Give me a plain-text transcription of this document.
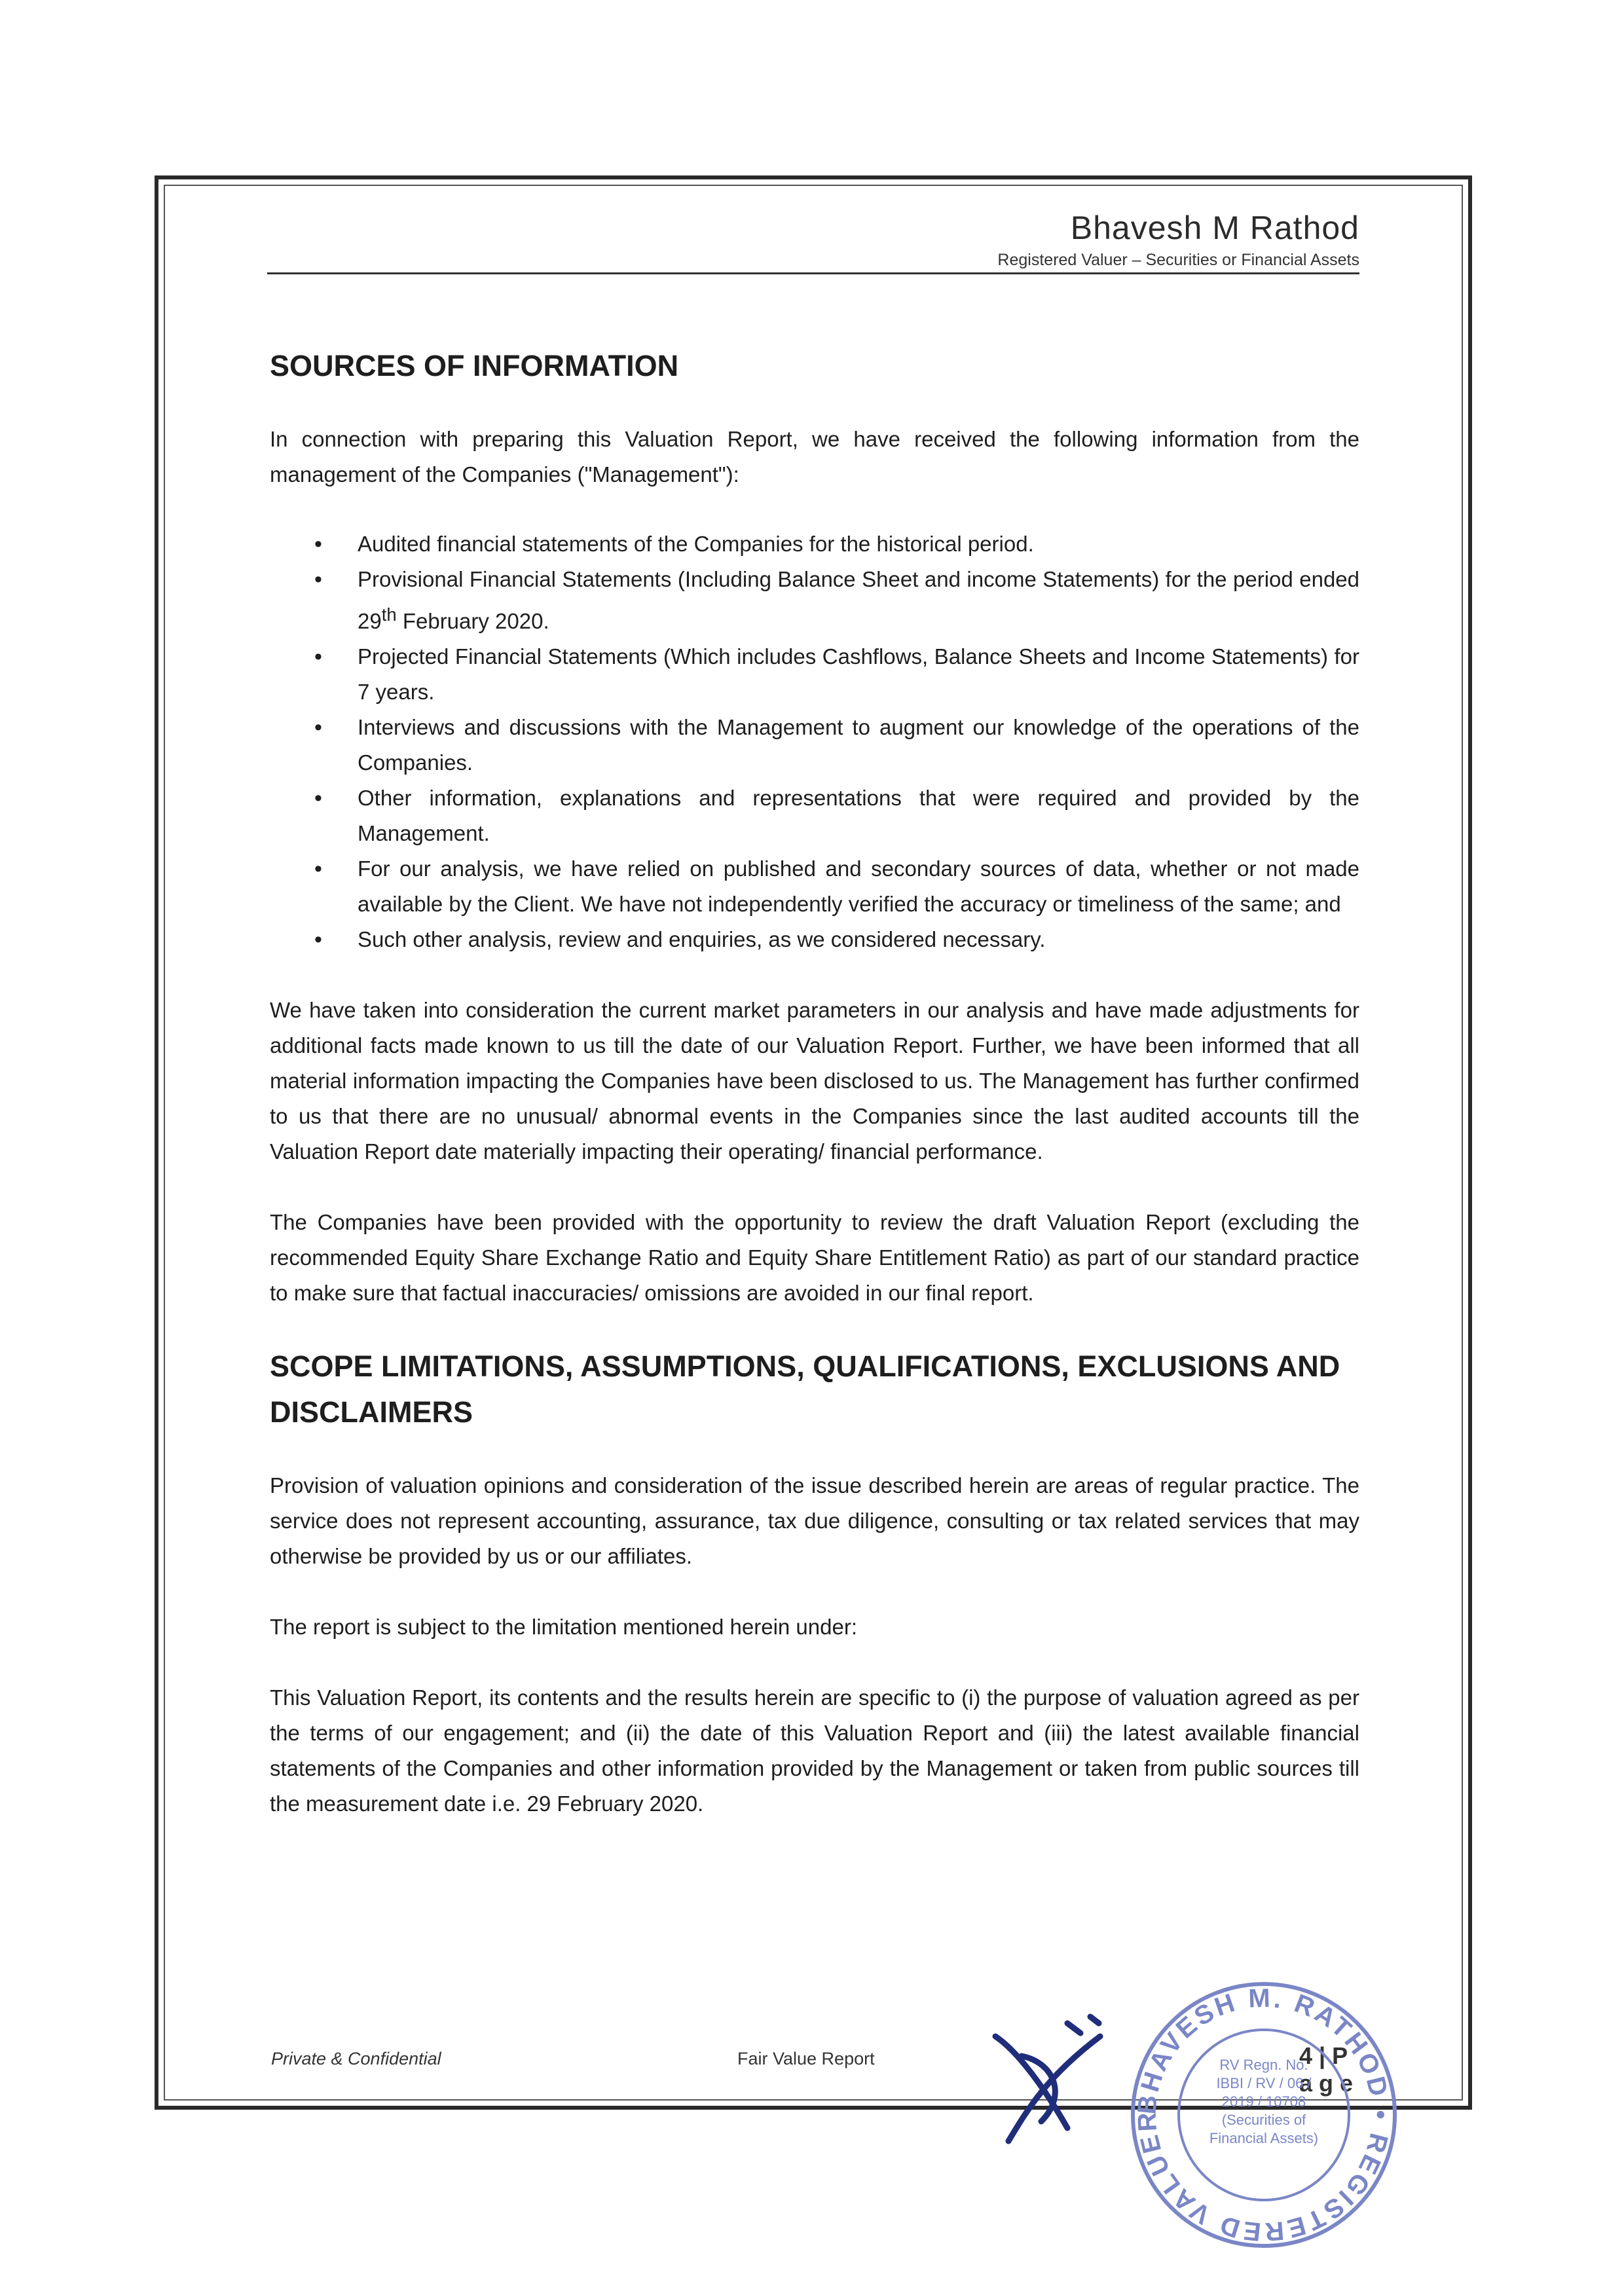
Bhavesh M Rathod
Registered Valuer – Securities or Financial Assets
SOURCES OF INFORMATION

In connection with preparing this Valuation Report, we have received the following information from the management of the Companies ("Management"):

• Audited financial statements of the Companies for the historical period.
• Provisional Financial Statements (Including Balance Sheet and income Statements) for the period ended 29th February 2020.
• Projected Financial Statements (Which includes Cashflows, Balance Sheets and Income Statements) for 7 years.
• Interviews and discussions with the Management to augment our knowledge of the operations of the Companies.
• Other information, explanations and representations that were required and provided by the Management.
• For our analysis, we have relied on published and secondary sources of data, whether or not made available by the Client. We have not independently verified the accuracy or timeliness of the same; and
• Such other analysis, review and enquiries, as we considered necessary.

We have taken into consideration the current market parameters in our analysis and have made adjustments for additional facts made known to us till the date of our Valuation Report. Further, we have been informed that all material information impacting the Companies have been disclosed to us. The Management has further confirmed to us that there are no unusual/ abnormal events in the Companies since the last audited accounts till the Valuation Report date materially impacting their operating/ financial performance.

The Companies have been provided with the opportunity to review the draft Valuation Report (excluding the recommended Equity Share Exchange Ratio and Equity Share Entitlement Ratio) as part of our standard practice to make sure that factual inaccuracies/ omissions are avoided in our final report.

SCOPE LIMITATIONS, ASSUMPTIONS, QUALIFICATIONS, EXCLUSIONS AND DISCLAIMERS

Provision of valuation opinions and consideration of the issue described herein are areas of regular practice. The service does not represent accounting, assurance, tax due diligence, consulting or tax related services that may otherwise be provided by us or our affiliates.

The report is subject to the limitation mentioned herein under:

This Valuation Report, its contents and the results herein are specific to (i) the purpose of valuation agreed as per the terms of our engagement; and (ii) the date of this Valuation Report and (iii) the latest available financial statements of the Companies and other information provided by the Management or taken from public sources till the measurement date i.e. 29 February 2020.

Private & Confidential	Fair Value Report	4 | P a g e
BHAVESH M. RATHOD • REGISTERED VALUER
RV Regn. No.
IBBI / RV / 06 /
2019 / 10708
(Securities of
Financial Assets)
